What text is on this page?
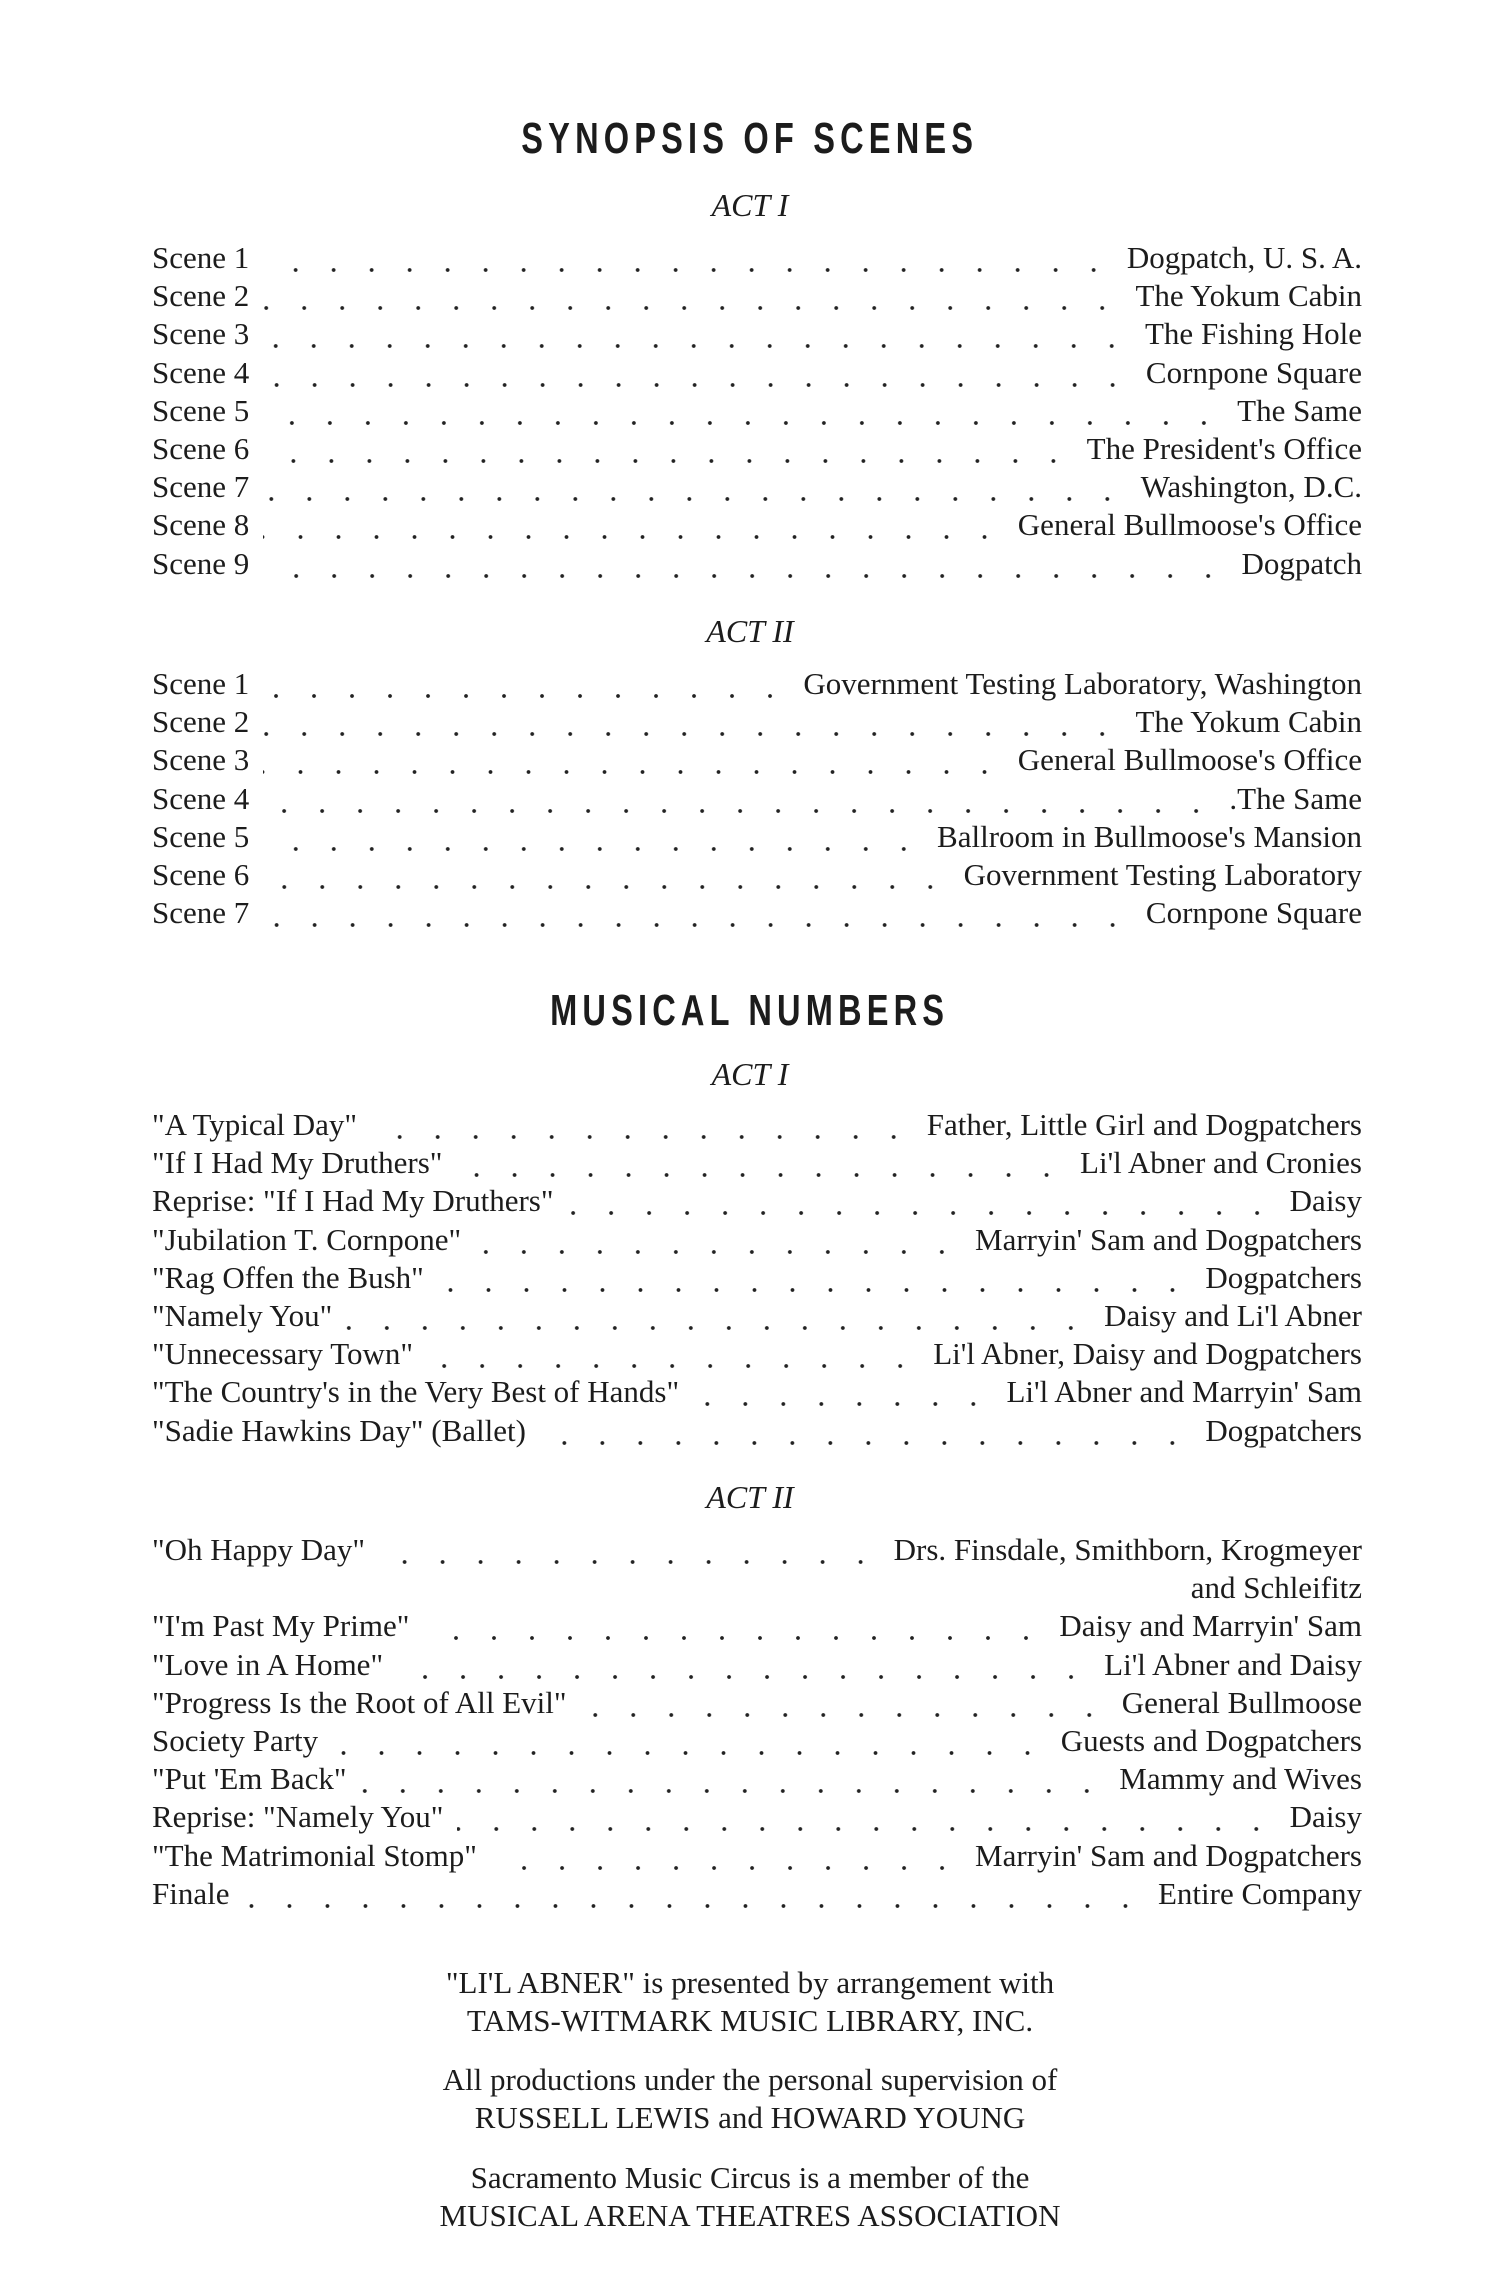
SYNOPSIS OF SCENES
ACT I
Scene 1	Dogpatch, U. S. A.
Scene 2	The Yokum Cabin
Scene 3	The Fishing Hole
Scene 4	Cornpone Square
Scene 5	The Same
Scene 6	The President's Office
Scene 7	Washington, D.C.
Scene 8	General Bullmoose's Office
Scene 9	Dogpatch
ACT II
Scene 1	Government Testing Laboratory, Washington
Scene 2	The Yokum Cabin
Scene 3	General Bullmoose's Office
Scene 4	.The Same
Scene 5	Ballroom in Bullmoose's Mansion
Scene 6	Government Testing Laboratory
Scene 7	Cornpone Square
MUSICAL NUMBERS
ACT I
"A Typical Day"	Father, Little Girl and Dogpatchers
"If I Had My Druthers"	Li'l Abner and Cronies
Reprise: "If I Had My Druthers"	Daisy
"Jubilation T. Cornpone"	Marryin' Sam and Dogpatchers
"Rag Offen the Bush"	Dogpatchers
"Namely You"	Daisy and Li'l Abner
"Unnecessary Town"	Li'l Abner, Daisy and Dogpatchers
"The Country's in the Very Best of Hands"	Li'l Abner and Marryin' Sam
"Sadie Hawkins Day" (Ballet)	Dogpatchers
ACT II
"Oh Happy Day"	Drs. Finsdale, Smithborn, Krogmeyer
and Schleifitz
"I'm Past My Prime"	Daisy and Marryin' Sam
"Love in A Home"	Li'l Abner and Daisy
"Progress Is the Root of All Evil"	General Bullmoose
Society Party	Guests and Dogpatchers
"Put 'Em Back"	Mammy and Wives
Reprise: "Namely You"	Daisy
"The Matrimonial Stomp"	Marryin' Sam and Dogpatchers
Finale	Entire Company
"LI'L ABNER" is presented by arrangement with
TAMS-WITMARK MUSIC LIBRARY, INC.
All productions under the personal supervision of
RUSSELL LEWIS and HOWARD YOUNG
Sacramento Music Circus is a member of the
MUSICAL ARENA THEATRES ASSOCIATION
